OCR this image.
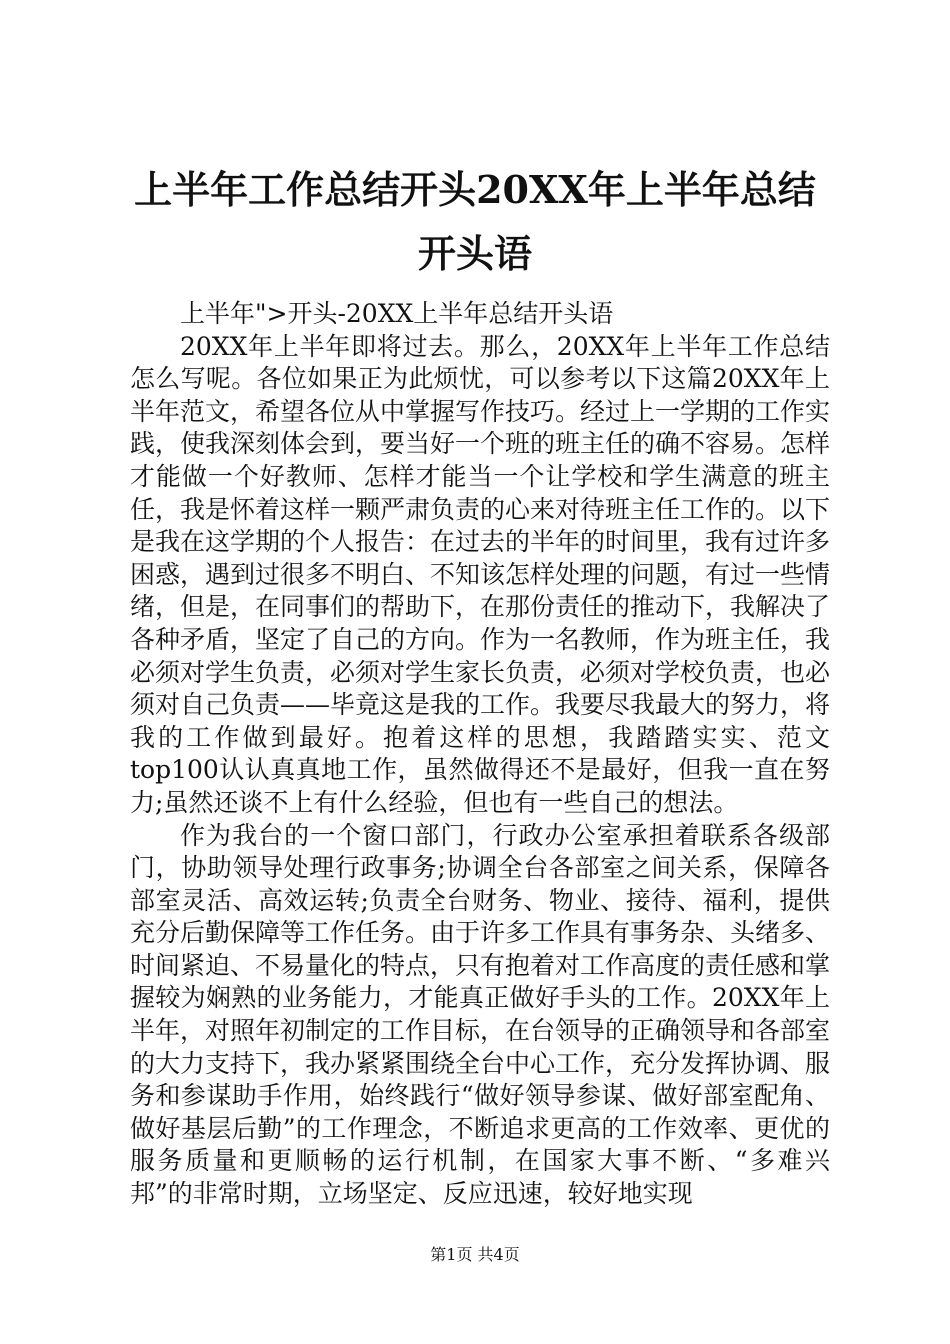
上半年工作总结开头20XX年上半年总结开头语

上半年">开头-20XX上半年总结开头语

20XX年上半年即将过去。那么，20XX年上半年工作总结怎么写呢。各位如果正为此烦忧，可以参考以下这篇20XX年上半年范文，希望各位从中掌握写作技巧。经过上一学期的工作实践，使我深刻体会到，要当好一个班的班主任的确不容易。怎样才能做一个好教师、怎样才能当一个让学校和学生满意的班主任，我是怀着这样一颗严肃负责的心来对待班主任工作的。以下是我在这学期的个人报告：在过去的半年的时间里，我有过许多困惑，遇到过很多不明白、不知该怎样处理的问题，有过一些情绪，但是，在同事们的帮助下，在那份责任的推动下，我解决了各种矛盾，坚定了自己的方向。作为一名教师，作为班主任，我必须对学生负责，必须对学生家长负责，必须对学校负责，也必须对自己负责——毕竟这是我的工作。我要尽我最大的努力，将我的工作做到最好。抱着这样的思想，我踏踏实实、范文top100认认真真地工作，虽然做得还不是最好，但我一直在努力;虽然还谈不上有什么经验，但也有一些自己的想法。

作为我台的一个窗口部门，行政办公室承担着联系各级部门，协助领导处理行政事务;协调全台各部室之间关系，保障各部室灵活、高效运转;负责全台财务、物业、接待、福利，提供充分后勤保障等工作任务。由于许多工作具有事务杂、头绪多、时间紧迫、不易量化的特点，只有抱着对工作高度的责任感和掌握较为娴熟的业务能力，才能真正做好手头的工作。20XX年上半年，对照年初制定的工作目标，在台领导的正确领导和各部室的大力支持下，我办紧紧围绕全台中心工作，充分发挥协调、服务和参谋助手作用，始终践行“做好领导参谋、做好部室配角、做好基层后勤”的工作理念，不断追求更高的工作效率、更优的服务质量和更顺畅的运行机制，在国家大事不断、“多难兴邦”的非常时期，立场坚定、反应迅速，较好地实现

第1页 共4页
